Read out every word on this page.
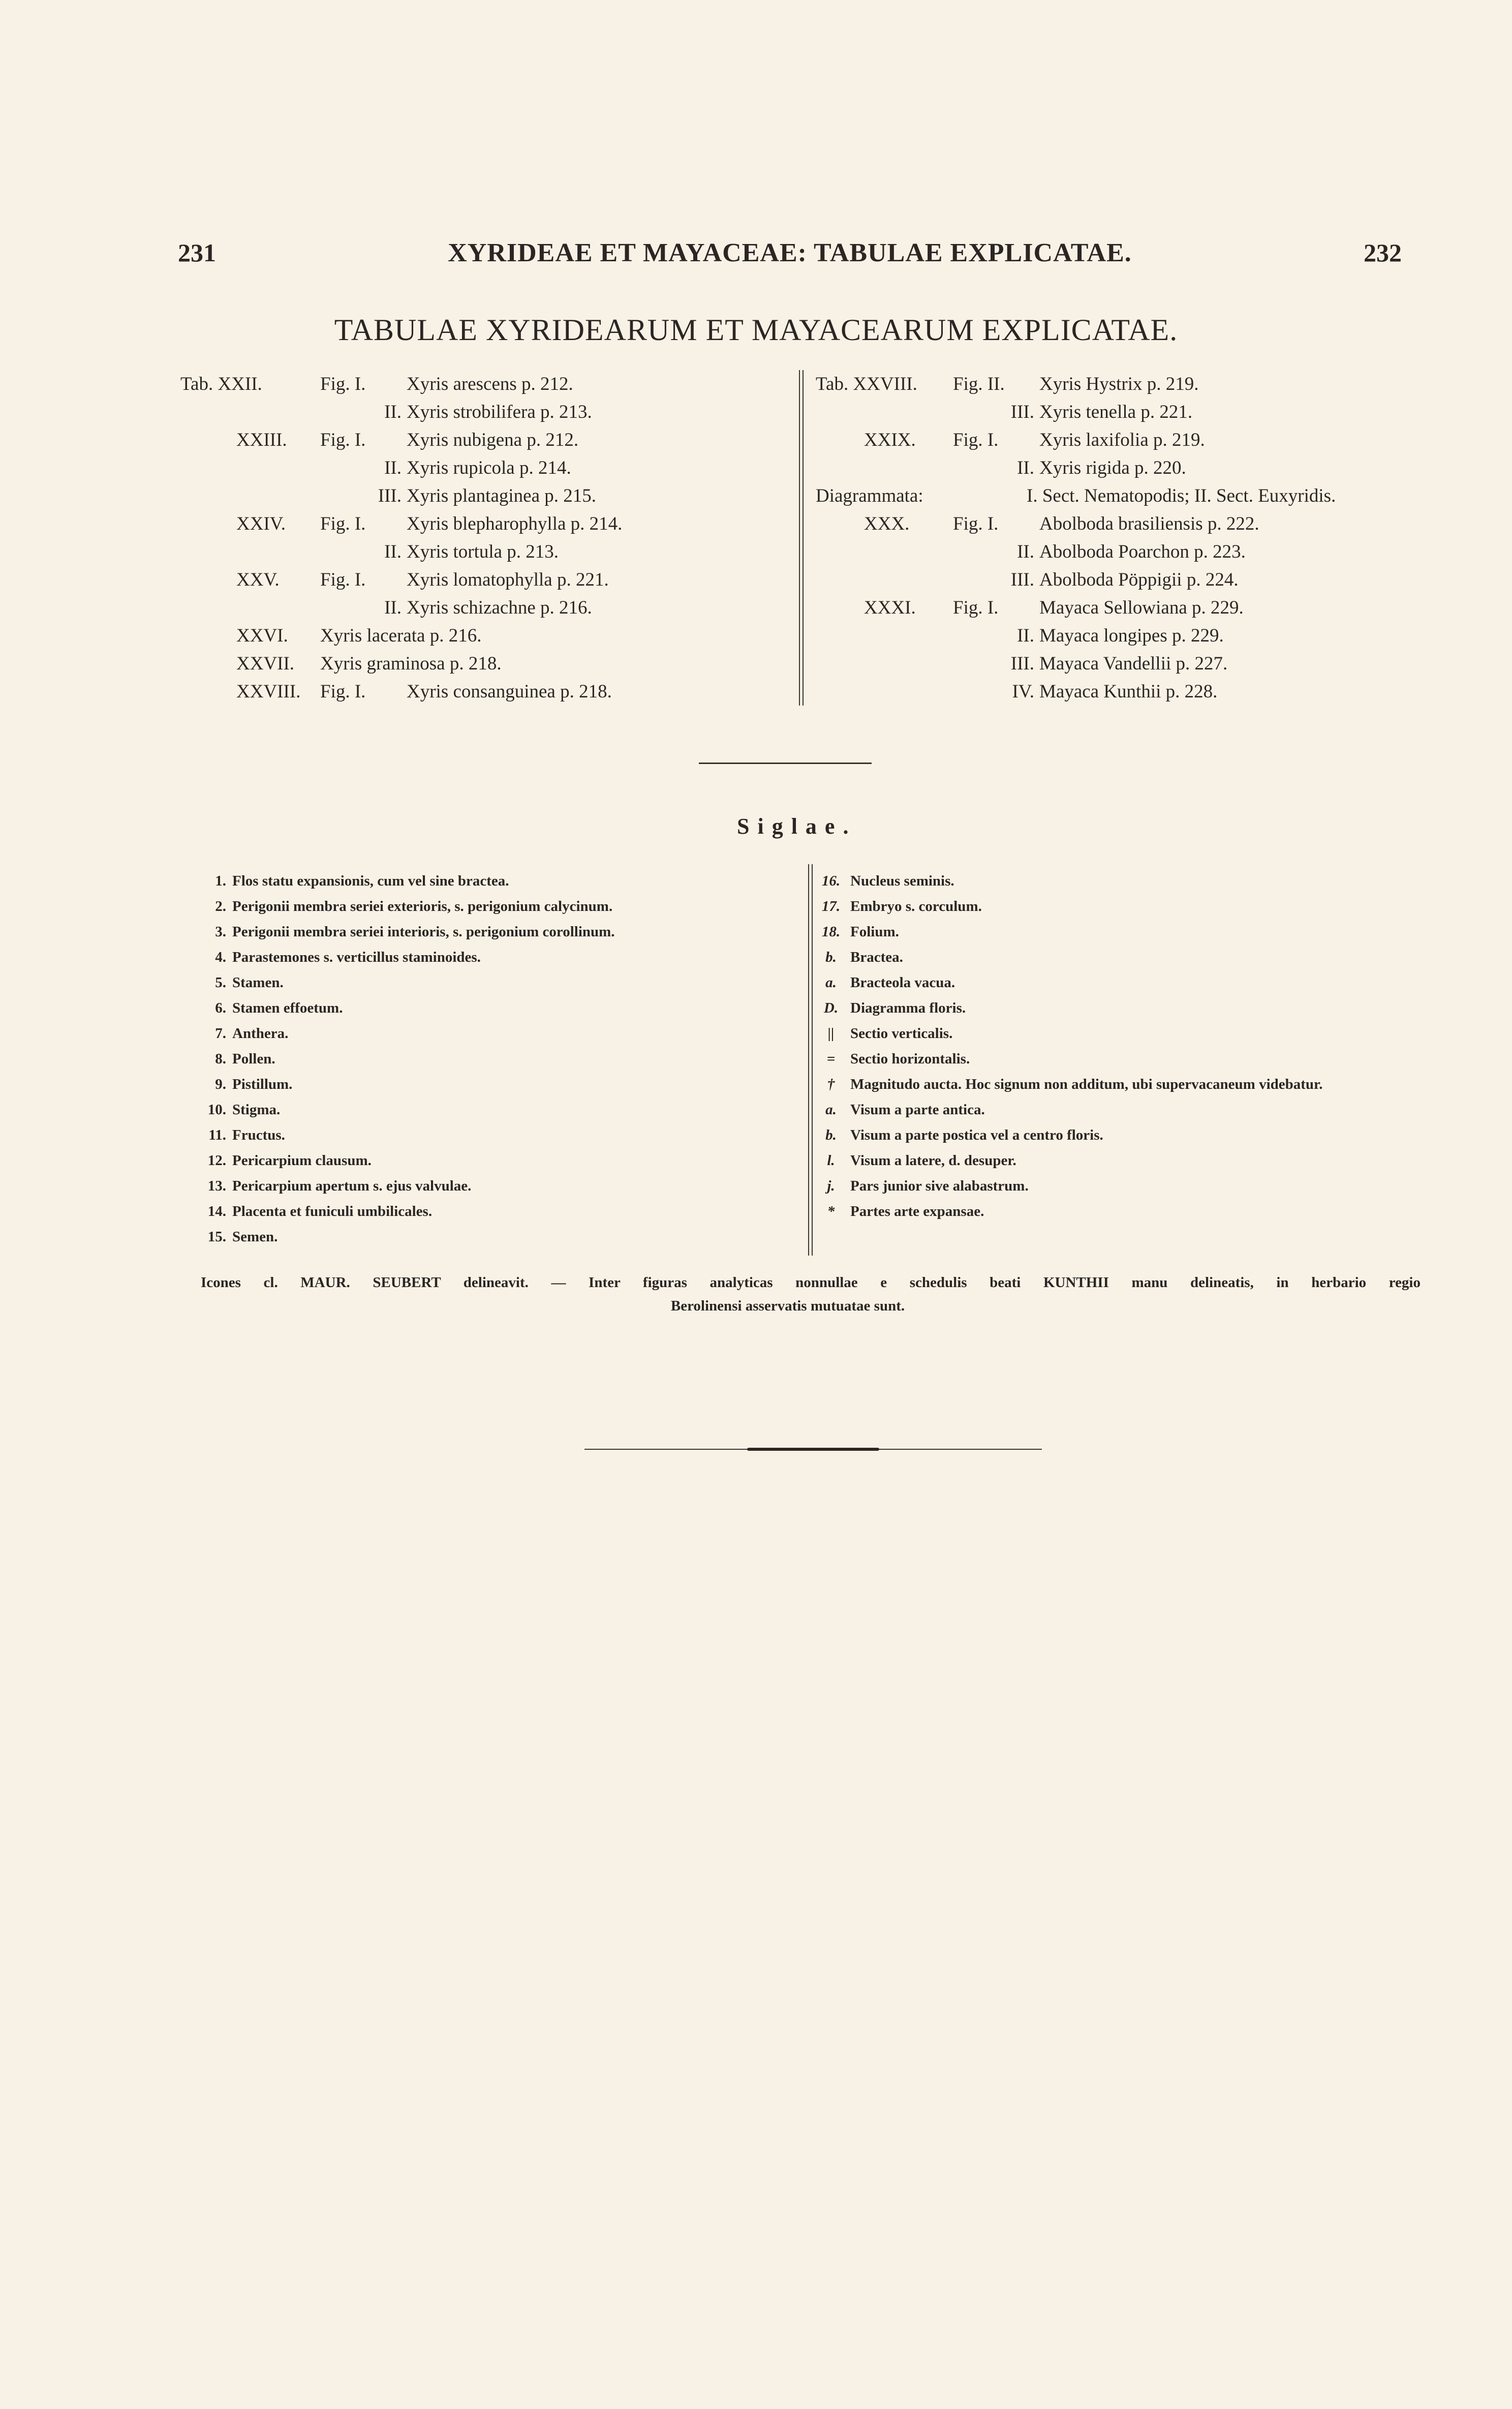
231	XYRIDEAE ET MAYACEAE: TABULAE EXPLICATAE.	232
TABULAE XYRIDEARUM ET MAYACEARUM EXPLICATAE.
Tab. XXII.	Fig. I. Xyris arescens p. 212.
II. Xyris strobilifera p. 213.
XXIII. Fig. I. Xyris nubigena p. 212.
II. Xyris rupicola p. 214.
III. Xyris plantaginea p. 215.
XXIV. Fig. I. Xyris blepharophylla p. 214.
II. Xyris tortula p. 213.
XXV. Fig. I. Xyris lomatophylla p. 221.
II. Xyris schizachne p. 216.
XXVI. Xyris lacerata p. 216.
XXVII. Xyris graminosa p. 218.
XXVIII. Fig. I. Xyris consanguinea p. 218.
Tab. XXVIII. Fig. II. Xyris Hystrix p. 219.
III. Xyris tenella p. 221.
XXIX. Fig. I. Xyris laxifolia p. 219.
II. Xyris rigida p. 220.
Diagrammata:	I. Sect. Nematopodis; II. Sect. Euxyridis.
XXX. Fig. I. Abolboda brasiliensis p. 222.
II. Abolboda Poarchon p. 223.
III. Abolboda Pöppigii p. 224.
XXXI. Fig. I. Mayaca Sellowiana p. 229.
II. Mayaca longipes p. 229.
III. Mayaca Vandellii p. 227.
IV. Mayaca Kunthii p. 228.
Siglae.
1. Flos statu expansionis, cum vel sine bractea.
2. Perigonii membra seriei exterioris, s. perigonium calycinum.
3. Perigonii membra seriei interioris, s. perigonium corollinum.
4. Parastemones s. verticillus staminoides.
5. Stamen.
6. Stamen effoetum.
7. Anthera.
8. Pollen.
9. Pistillum.
10. Stigma.
11. Fructus.
12. Pericarpium clausum.
13. Pericarpium apertum s. ejus valvulae.
14. Placenta et funiculi umbilicales.
15. Semen.
16. Nucleus seminis.
17. Embryo s. corculum.
18. Folium.
b. Bractea.
a. Bracteola vacua.
D. Diagramma floris.
||	Sectio verticalis.
=	Sectio horizontalis.
†	Magnitudo aucta. Hoc signum non additum, ubi supervacaneum videbatur.
a. Visum a parte antica.
b. Visum a parte postica vel a centro floris.
l.	Visum a latere, d. desuper.
j.	Pars junior sive alabastrum.
*	Partes arte expansae.
Icones cl. MAUR. SEUBERT delineavit. — Inter figuras analyticas nonnullae e schedulis beati KUNTHII manu delineatis, in herbario regio
Berolinensi asservatis mutuatae sunt.
